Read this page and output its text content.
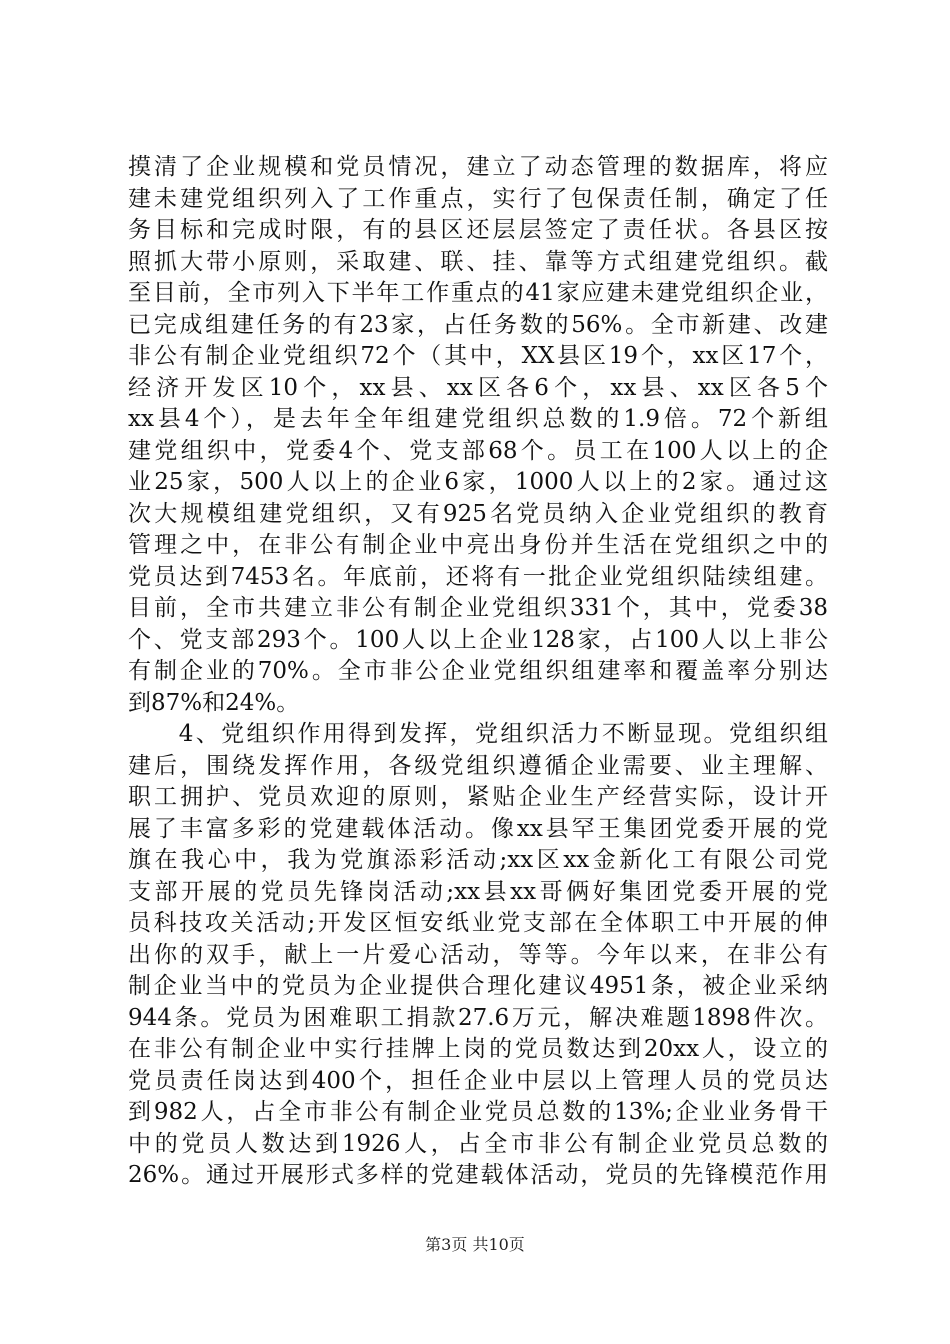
摸清了企业规模和党员情况，建立了动态管理的数据库，将应
建未建党组织列入了工作重点，实行了包保责任制，确定了任
务目标和完成时限，有的县区还层层签定了责任状。各县区按
照抓大带小原则，采取建、联、挂、靠等方式组建党组织。截
至目前，全市列入下半年工作重点的41家应建未建党组织企业，
已完成组建任务的有23家，占任务数的56%。全市新建、改建
非公有制企业党组织72个（其中，XX县区19个，xx区17个，
经济开发区10个，xx县、xx区各6个，xx县、xx区各5个
xx县4个），是去年全年组建党组织总数的1.9倍。72个新组
建党组织中，党委4个、党支部68个。员工在100人以上的企
业25家，500人以上的企业6家，1000人以上的2家。通过这
次大规模组建党组织，又有925名党员纳入企业党组织的教育
管理之中，在非公有制企业中亮出身份并生活在党组织之中的
党员达到7453名。年底前，还将有一批企业党组织陆续组建。
目前，全市共建立非公有制企业党组织331个，其中，党委38
个、党支部293个。100人以上企业128家，占100人以上非公
有制企业的70%。全市非公企业党组织组建率和覆盖率分别达
到87%和24%。
　　4、党组织作用得到发挥，党组织活力不断显现。党组织组
建后，围绕发挥作用，各级党组织遵循企业需要、业主理解、
职工拥护、党员欢迎的原则，紧贴企业生产经营实际，设计开
展了丰富多彩的党建载体活动。像xx县罕王集团党委开展的党
旗在我心中，我为党旗添彩活动;xx区xx金新化工有限公司党
支部开展的党员先锋岗活动;xx县xx哥俩好集团党委开展的党
员科技攻关活动;开发区恒安纸业党支部在全体职工中开展的伸
出你的双手，献上一片爱心活动，等等。今年以来，在非公有
制企业当中的党员为企业提供合理化建议4951条，被企业采纳
944条。党员为困难职工捐款27.6万元，解决难题1898件次。
在非公有制企业中实行挂牌上岗的党员数达到20xx人，设立的
党员责任岗达到400个，担任企业中层以上管理人员的党员达
到982人，占全市非公有制企业党员总数的13%;企业业务骨干
中的党员人数达到1926人，占全市非公有制企业党员总数的
26%。通过开展形式多样的党建载体活动，党员的先锋模范作用
第3页 共10页
